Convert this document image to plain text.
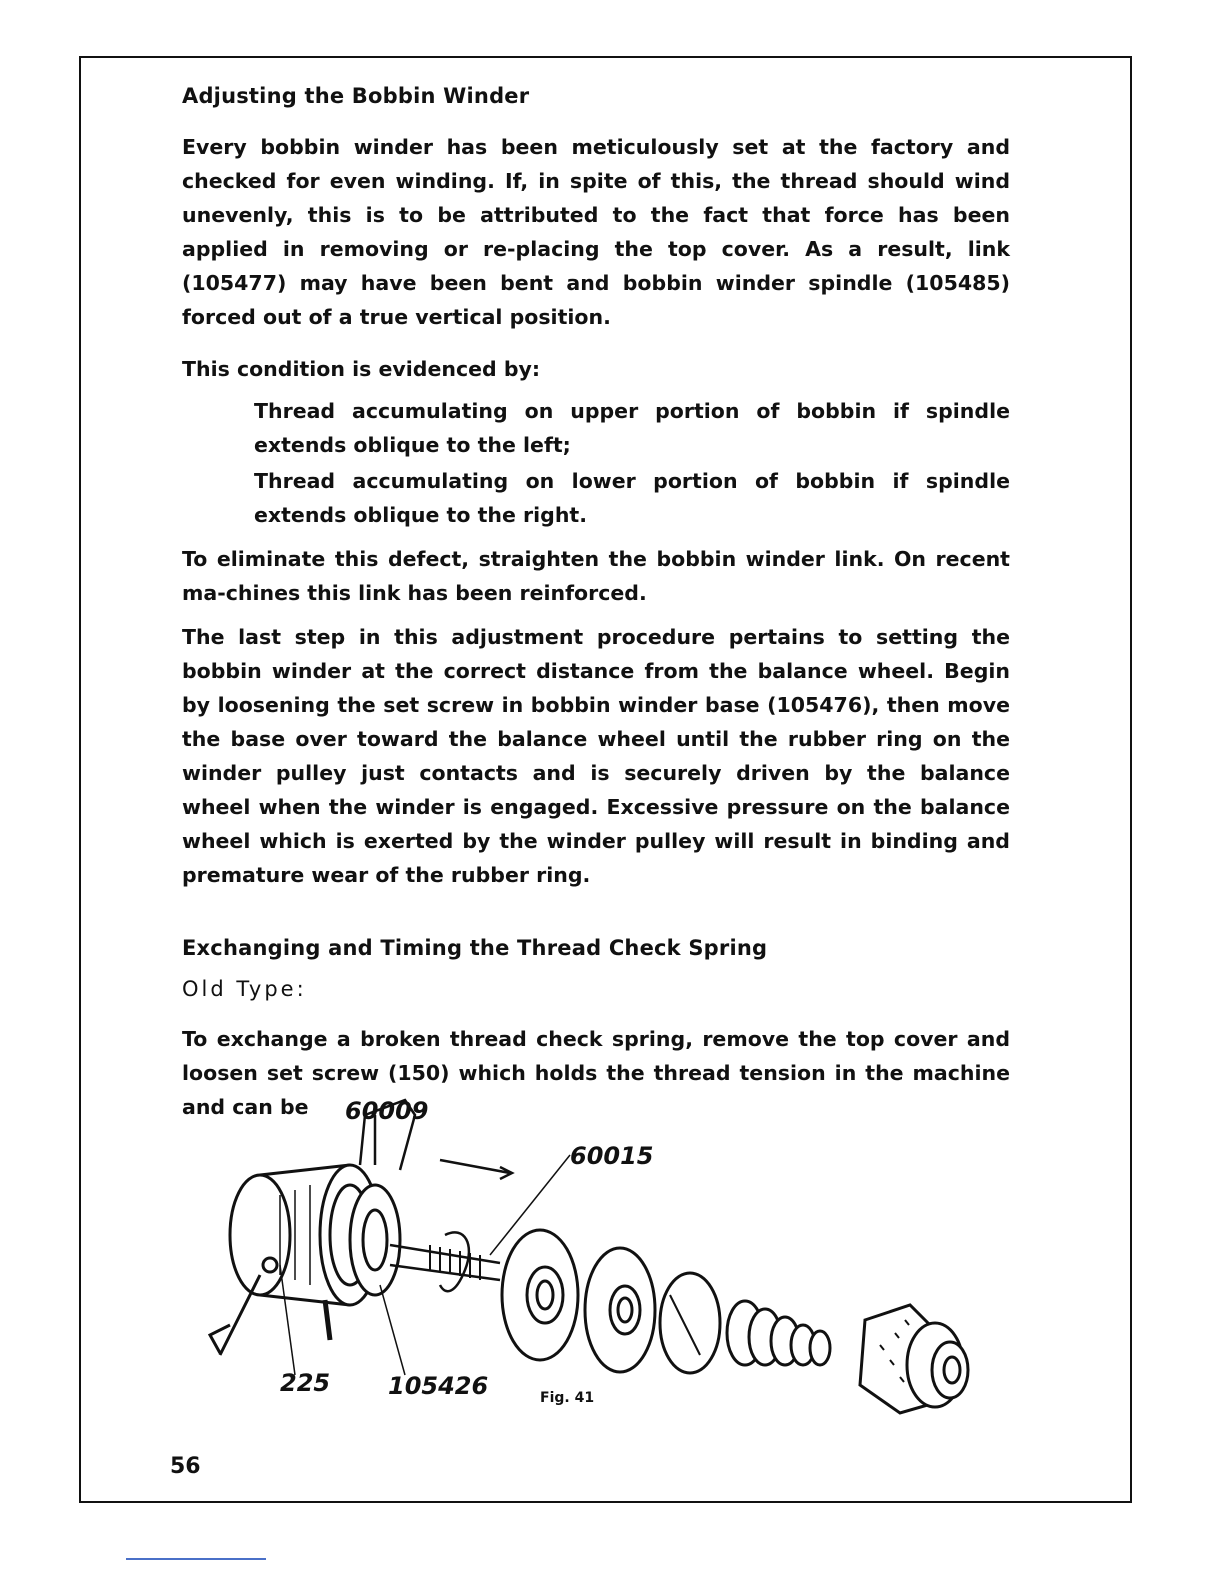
Adjusting the Bobbin Winder

Every bobbin winder has been meticulously set at the factory and checked for even winding. If, in spite of this, the thread should wind unevenly, this is to be attributed to the fact that force has been applied in removing or re-placing the top cover. As a result, link (105477) may have been bent and bobbin winder spindle (105485) forced out of a true vertical position.

This condition is evidenced by:

Thread accumulating on upper portion of bobbin if spindle extends oblique to the left;

Thread accumulating on lower portion of bobbin if spindle extends oblique to the right.

To eliminate this defect, straighten the bobbin winder link. On recent ma-chines this link has been reinforced.

The last step in this adjustment procedure pertains to setting the bobbin winder at the correct distance from the balance wheel. Begin by loosening the set screw in bobbin winder base (105476), then move the base over toward the balance wheel until the rubber ring on the winder pulley just contacts and is securely driven by the balance wheel when the winder is engaged. Excessive pressure on the balance wheel which is exerted by the winder pulley will result in binding and premature wear of the rubber ring.

Exchanging and Timing the Thread Check Spring
Old Type:

To exchange a broken thread check spring, remove the top cover and loosen set screw (150) which holds the thread tension in the machine and can be	60009
60015
225 105426	Fig. 41
56
